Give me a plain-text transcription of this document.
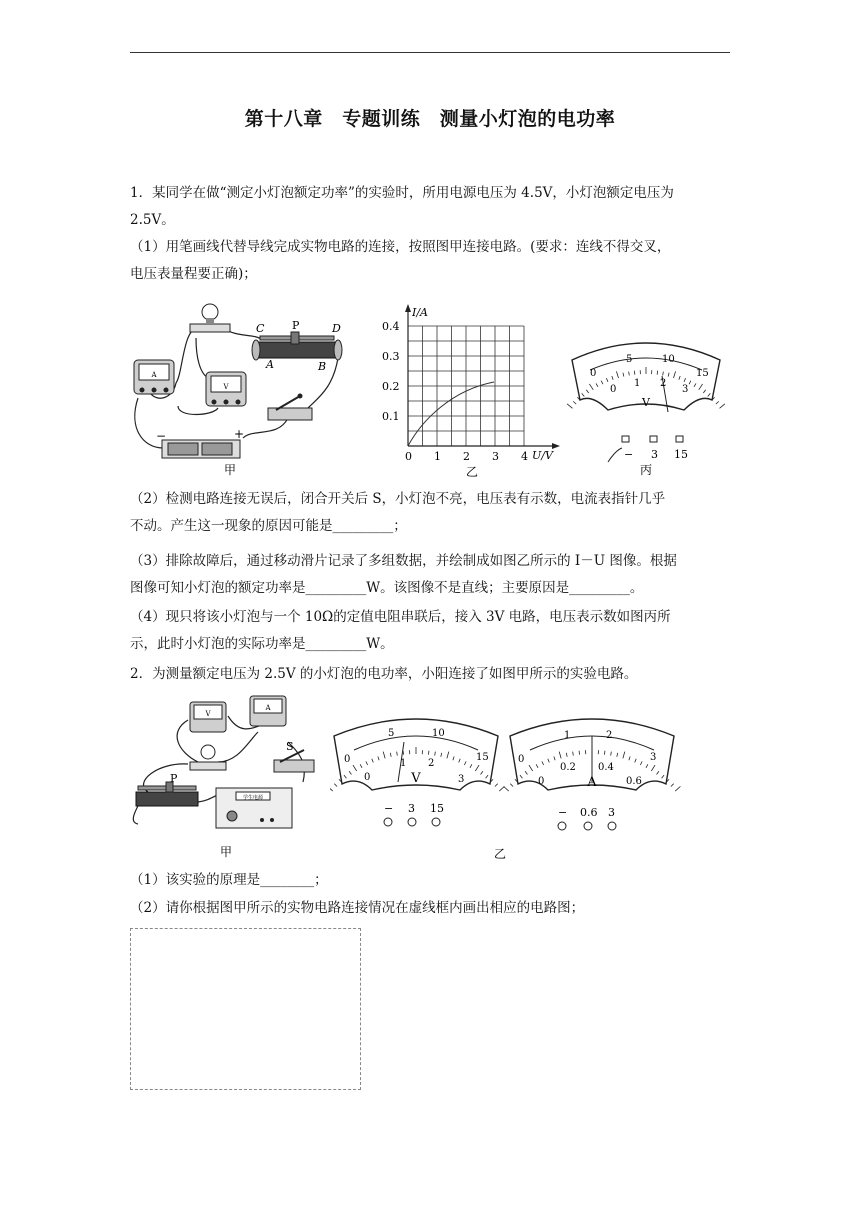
第十八章　专题训练　测量小灯泡的电功率
1．某同学在做“测定小灯泡额定功率”的实验时，所用电源电压为 4.5V，小灯泡额定电压为
2.5V。
（1）用笔画线代替导线完成实物电路的连接，按照图甲连接电路。(要求：连线不得交叉，
电压表量程要正确)；
A
V
C	P	D
A	B
−	+
甲
I/A
U/V
0.4
0.3
0.2
0.1
0 1 2 3 4
乙
0
5	10
15
0
1 2
3
V
− 3 15
丙
（2）检测电路连接无误后，闭合开关后 S，小灯泡不亮，电压表有示数，电流表指针几乎
不动。产生这一现象的原因可能是_________；
（3）排除故障后，通过移动滑片记录了多组数据，并绘制成如图乙所示的 I－U 图像。根据
图像可知小灯泡的额定功率是_________W。该图像不是直线；主要原因是_________。
（4）现只将该小灯泡与一个 10Ω的定值电阻串联后，接入 3V 电路，电压表示数如图丙所
示，此时小灯泡的实际功率是_________W。
2．为测量额定电压为 2.5V 的小灯泡的电功率，小阳连接了如图甲所示的实验电路。
V
A
S
P
学生电源
甲
0
5	10
15
0
1 2
3
V
− 3 15
0
1	2
3
0
0.2 0.4
0.6
A
− 0.6 3
乙
（1）该实验的原理是________；
（2）请你根据图甲所示的实物电路连接情况在虚线框内画出相应的电路图；
